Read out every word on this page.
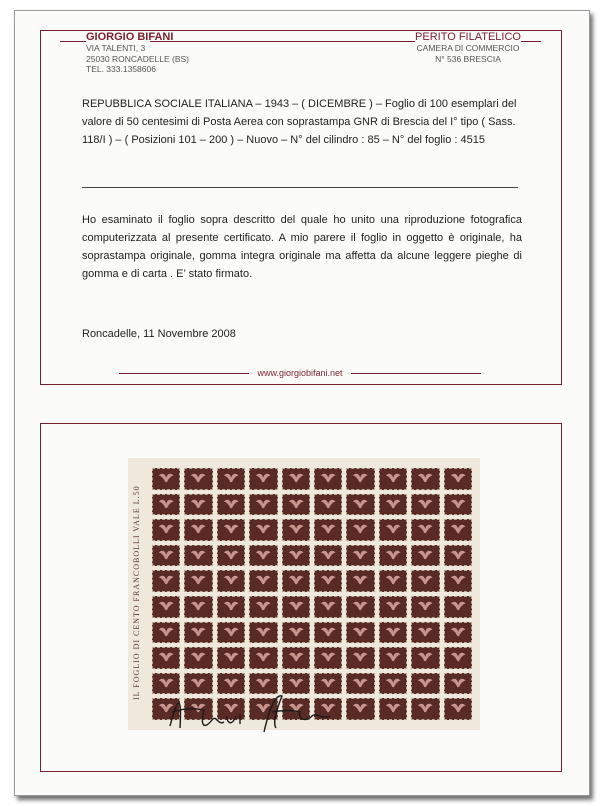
GIORGIO BIFANI
VIA TALENTI, 3
25030 RONCADELLE (BS)
TEL. 333.1358606
PERITO FILATELICO
CAMERA DI COMMERCIO
N° 536 BRESCIA
REPUBBLICA SOCIALE ITALIANA – 1943 – ( DICEMBRE ) – Foglio di 100 esemplari del valore di 50 centesimi di Posta Aerea con soprastampa GNR di Brescia del I° tipo ( Sass. 118/I ) – ( Posizioni 101 – 200 ) – Nuovo – N° del cilindro : 85 – N° del foglio : 4515
Ho esaminato il foglio sopra descritto del quale ho unito una riproduzione fotografica computerizzata al presente certificato. A mio parere il foglio in oggetto è originale, ha soprastampa originale, gomma integra originale ma affetta da alcune leggere pieghe di gomma e di carta . E’ stato firmato.
Roncadelle, 11 Novembre 2008
www.giorgiobifani.net
IL FOGLIO DI CENTO FRANCOBOLLI VALE L.50
